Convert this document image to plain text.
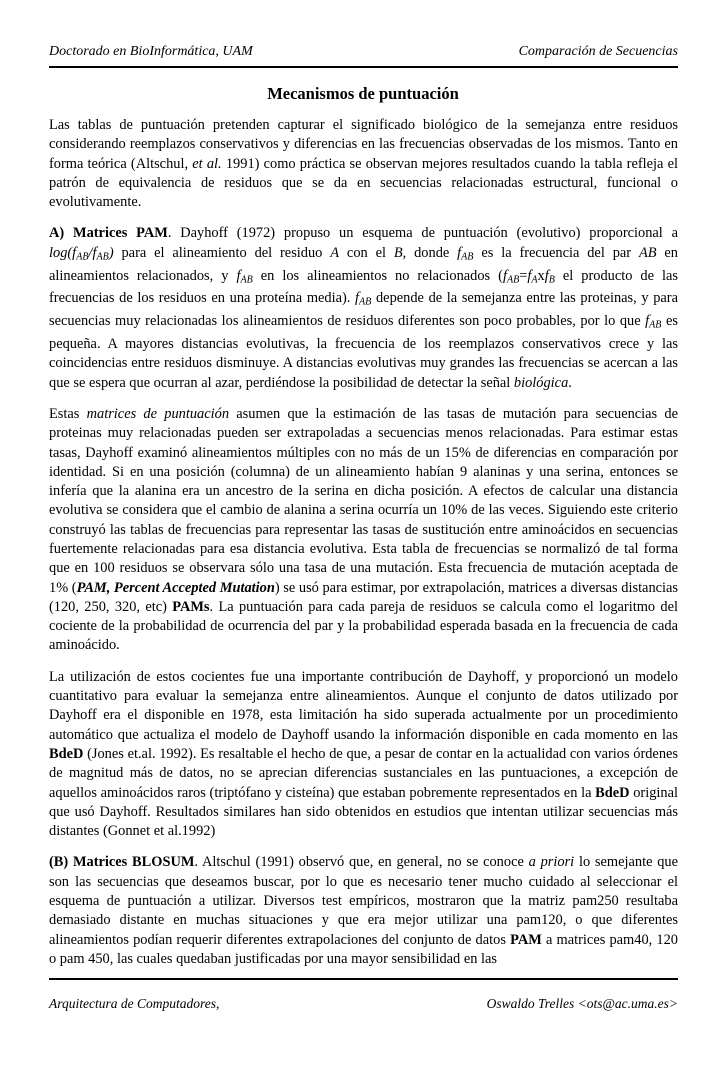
Doctorado en BioInformática, UAM	Comparación de Secuencias
Mecanismos de puntuación

Las tablas de puntuación pretenden capturar el significado biológico de la semejanza entre residuos considerando reemplazos conservativos y diferencias en las frecuencias observadas de los mismos. Tanto en forma teórica (Altschul, et al. 1991) como práctica se observan mejores resultados cuando la tabla refleja el patrón de equivalencia de residuos que se da en secuencias relacionadas estructural, funcional o evolutivamente.

A) Matrices PAM. Dayhoff (1972) propuso un esquema de puntuación (evolutivo) proporcional a log(fAB/fAB) para el alineamiento del residuo A con el B, donde fAB es la frecuencia del par AB en alineamientos relacionados, y fAB en los alineamientos no relacionados (fAB=fAxfB el producto de las frecuencias de los residuos en una proteína media). fAB depende de la semejanza entre las proteinas, y para secuencias muy relacionadas los alineamientos de residuos diferentes son poco probables, por lo que fAB es pequeña. A mayores distancias evolutivas, la frecuencia de los reemplazos conservativos crece y las coincidencias entre residuos disminuye. A distancias evolutivas muy grandes las frecuencias se acercan a las que se espera que ocurran al azar, perdiéndose la posibilidad de detectar la señal biológica.

Estas matrices de puntuación asumen que la estimación de las tasas de mutación para secuencias de proteinas muy relacionadas pueden ser extrapoladas a secuencias menos relacionadas. Para estimar estas tasas, Dayhoff examinó alineamientos múltiples con no más de un 15% de diferencias en comparación por identidad. Si en una posición (columna) de un alineamiento habían 9 alaninas y una serina, entonces se infería que la alanina era un ancestro de la serina en dicha posición. A efectos de calcular una distancia evolutiva se considera que el cambio de alanina a serina ocurría un 10% de las veces. Siguiendo este criterio construyó las tablas de frecuencias para representar las tasas de sustitución entre aminoácidos en secuencias fuertemente relacionadas para esa distancia evolutiva. Esta tabla de frecuencias se normalizó de tal forma que en 100 residuos se observara sólo una tasa de una mutación. Esta frecuencia de mutación aceptada de 1% (PAM, Percent Accepted Mutation) se usó para estimar, por extrapolación, matrices a diversas distancias (120, 250, 320, etc) PAMs. La puntuación para cada pareja de residuos se calcula como el logaritmo del cociente de la probabilidad de ocurrencia del par y la probabilidad esperada basada en la frecuencia de cada aminoácido.

La utilización de estos cocientes fue una importante contribución de Dayhoff, y proporcionó un modelo cuantitativo para evaluar la semejanza entre alineamientos. Aunque el conjunto de datos utilizado por Dayhoff era el disponible en 1978, esta limitación ha sido superada actualmente por un procedimiento automático que actualiza el modelo de Dayhoff usando la información disponible en cada momento en las BdeD (Jones et.al. 1992). Es resaltable el hecho de que, a pesar de contar en la actualidad con varios órdenes de magnitud más de datos, no se aprecian diferencias sustanciales en las puntuaciones, a excepción de aquellos aminoácidos raros (triptófano y cisteína) que estaban pobremente representados en la BdeD original que usó Dayhoff. Resultados similares han sido obtenidos en estudios que intentan utilizar secuencias más distantes (Gonnet et al.1992)

(B) Matrices BLOSUM. Altschul (1991) observó que, en general, no se conoce a priori lo semejante que son las secuencias que deseamos buscar, por lo que es necesario tener mucho cuidado al seleccionar el esquema de puntuación a utilizar. Diversos test empíricos, mostraron que la matriz pam250 resultaba demasiado distante en muchas situaciones y que era mejor utilizar una pam120, o que diferentes alineamientos podían requerir diferentes extrapolaciones del conjunto de datos PAM a matrices pam40, 120 o pam 450, las cuales quedaban justificadas por una mayor sensibilidad en las

Arquitectura de Computadores,	Oswaldo Trelles <ots@ac.uma.es>
